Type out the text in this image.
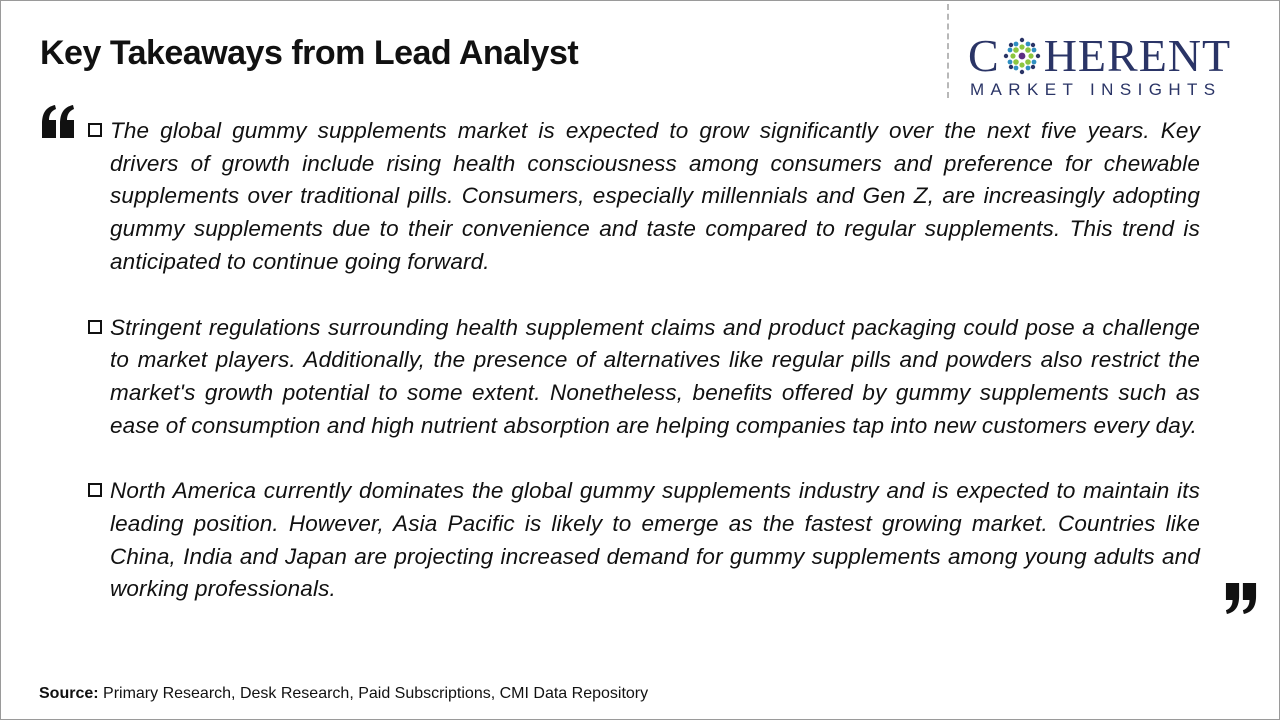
Key Takeaways from Lead Analyst	C HERENT
MARKET INSIGHTS
The global gummy supplements market is expected to grow significantly over the next five years. Key drivers of growth include rising health consciousness among consumers and preference for chewable supplements over traditional pills. Consumers, especially millennials and Gen Z, are increasingly adopting gummy supplements due to their convenience and taste compared to regular supplements. This trend is anticipated to continue going forward.
Stringent regulations surrounding health supplement claims and product packaging could pose a challenge to market players. Additionally, the presence of alternatives like regular pills and powders also restrict the market's growth potential to some extent. Nonetheless, benefits offered by gummy supplements such as ease of consumption and high nutrient absorption are helping companies tap into new customers every day.
North America currently dominates the global gummy supplements industry and is expected to maintain its leading position. However, Asia Pacific is likely to emerge as the fastest growing market. Countries like China, India and Japan are projecting increased demand for gummy supplements among young adults and working professionals.
Source: Primary Research, Desk Research, Paid Subscriptions, CMI Data Repository
